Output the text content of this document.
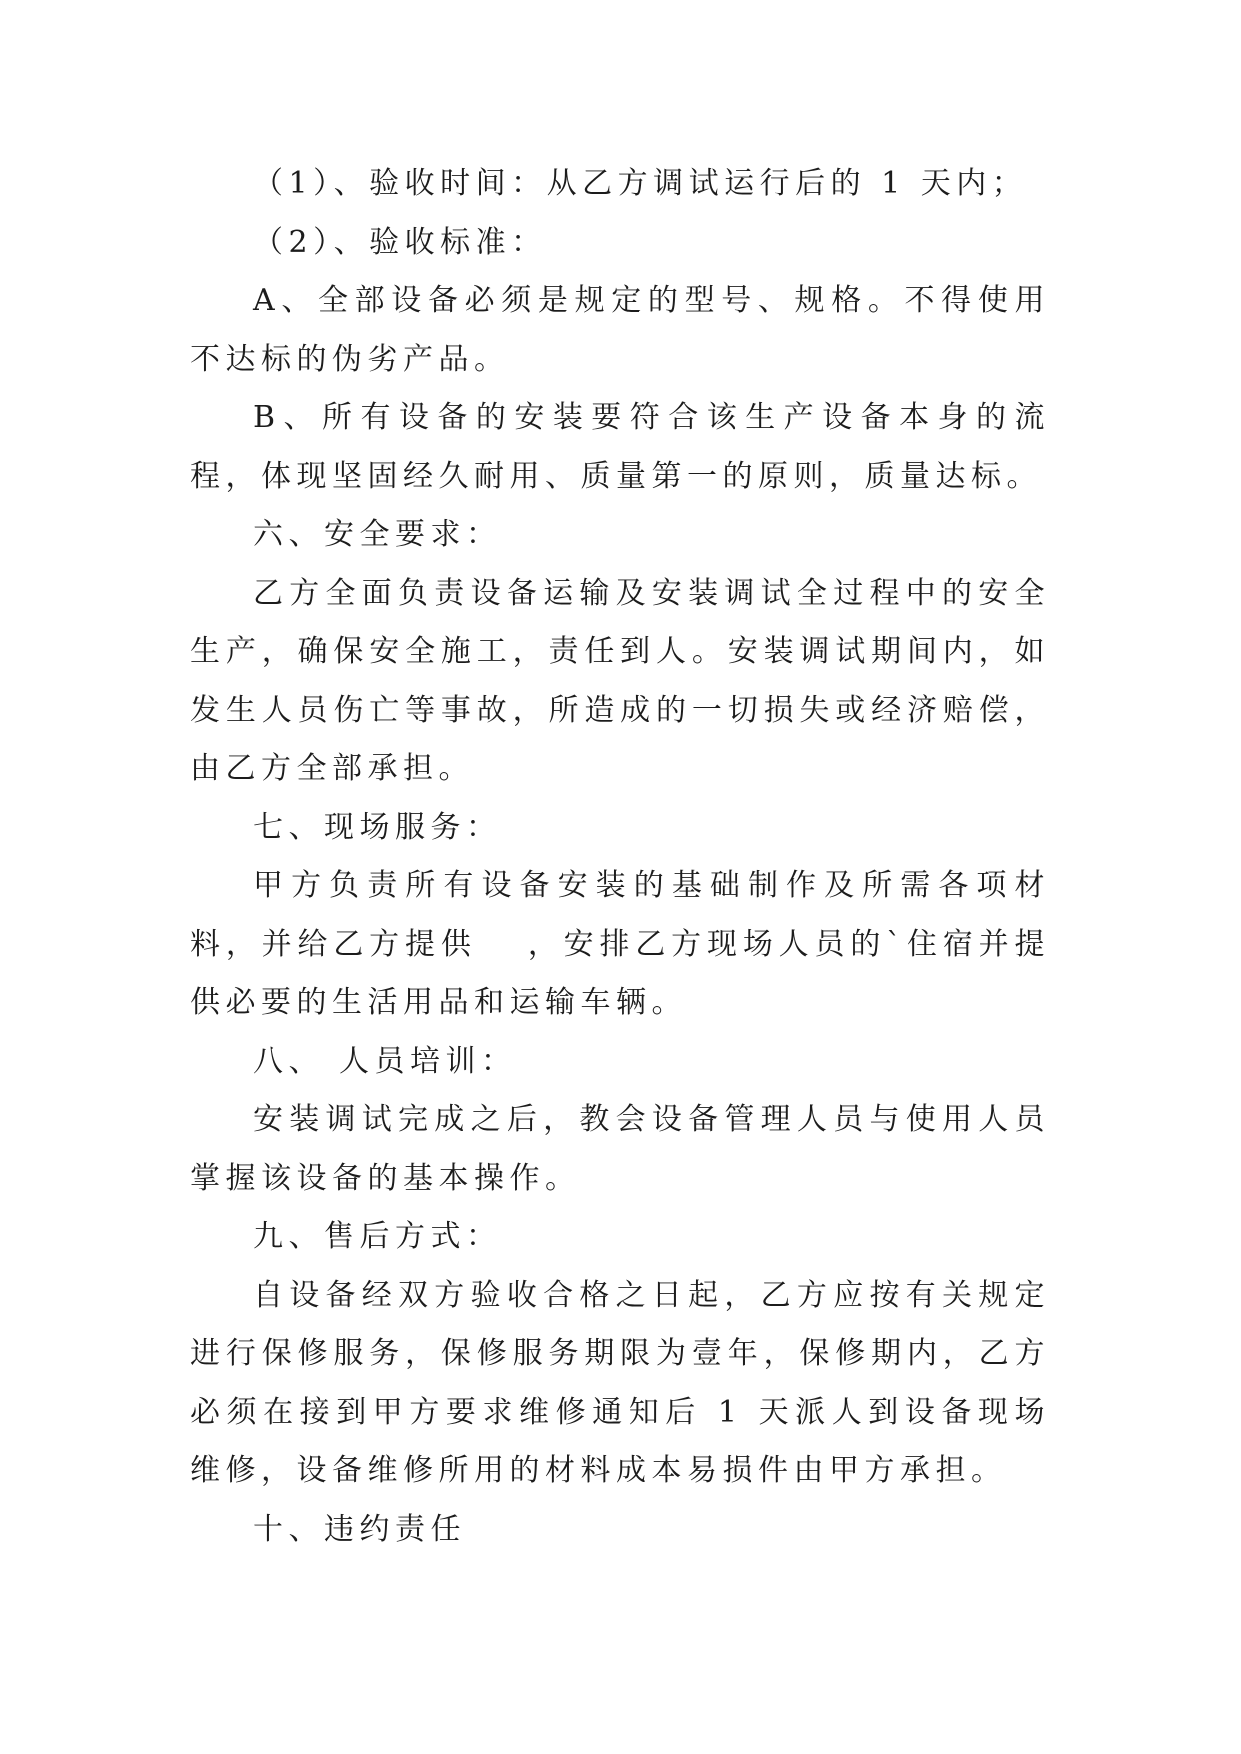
（1）、验收时间：从乙方调试运行后的 1 天内；

（2）、验收标准：

A、全部设备必须是规定的型号、规格。不得使用不达标的伪劣产品。

B、所有设备的安装要符合该生产设备本身的流程，体现坚固经久耐用、质量第一的原则，质量达标。

六、安全要求：

乙方全面负责设备运输及安装调试全过程中的安全生产，确保安全施工，责任到人。安装调试期间内，如发生人员伤亡等事故，所造成的一切损失或经济赔偿，由乙方全部承担。

七、现场服务：

甲方负责所有设备安装的基础制作及所需各项材料，并给乙方提供　 ，安排乙方现场人员的`住宿并提供必要的生活用品和运输车辆。

八、 人员培训：

安装调试完成之后，教会设备管理人员与使用人员掌握该设备的基本操作。

九、售后方式：

自设备经双方验收合格之日起，乙方应按有关规定进行保修服务，保修服务期限为壹年，保修期内，乙方必须在接到甲方要求维修通知后 1 天派人到设备现场维修，设备维修所用的材料成本易损件由甲方承担。

十、违约责任
